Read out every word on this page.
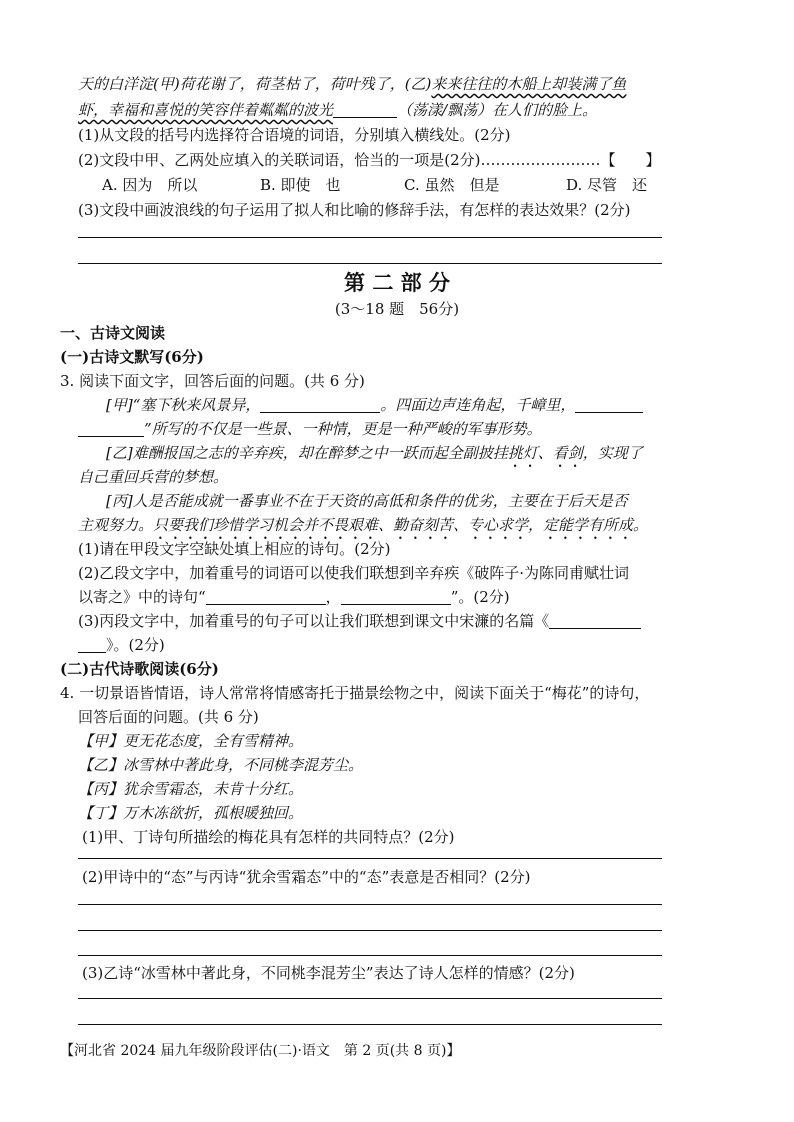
天的白洋淀(甲)荷花谢了，荷茎枯了，荷叶残了，(乙)来来往往的木船上却装满了鱼
虾，幸福和喜悦的笑容伴着粼粼的波光	（荡漾/飘荡）在人们的脸上。
(1)从文段的括号内选择符合语境的词语，分别填入横线处。(2分)
(2)文段中甲、乙两处应填入的关联词语，恰当的一项是(2分)……………………【　　】
A. 因为　所以	B. 即使　也	C. 虽然　但是	D. 尽管　还
(3)文段中画波浪线的句子运用了拟人和比喻的修辞手法，有怎样的表达效果？(2分)
第 二 部 分
(3～18 题　56分)
一、古诗文阅读
(一)古诗文默写(6分)
3. 阅读下面文字，回答后面的问题。(共 6 分)
[甲]“塞下秋来风景异，	。四面边声连角起，千嶂里，
”所写的不仅是一些景、一种情，更是一种严峻的军事形势。
[乙]难酬报国之志的辛弃疾，却在醉梦之中一跃而起全副披挂挑灯、看剑，实现了
自己重回兵营的梦想。
[丙]人是否能成就一番事业不在于天资的高低和条件的优劣，主要在于后天是否
主观努力。只要我们珍惜学习机会并不畏艰难、勤奋刻苦、专心求学，定能学有所成。
(1)请在甲段文字空缺处填上相应的诗句。(2分)
(2)乙段文字中，加着重号的词语可以使我们联想到辛弃疾《破阵子·为陈同甫赋壮词
以寄之》中的诗句“	，	”。(2分)
(3)丙段文字中，加着重号的句子可以让我们联想到课文中宋濂的名篇《
》。(2分)
(二)古代诗歌阅读(6分)
4. 一切景语皆情语，诗人常常将情感寄托于描景绘物之中，阅读下面关于“梅花”的诗句，
回答后面的问题。(共 6 分)
【甲】更无花态度，全有雪精神。
【乙】冰雪林中著此身，不同桃李混芳尘。
【丙】犹余雪霜态，未肯十分红。
【丁】万木冻欲折，孤根暖独回。
(1)甲、丁诗句所描绘的梅花具有怎样的共同特点？(2分)
(2)甲诗中的“态”与丙诗“犹余雪霜态”中的“态”表意是否相同？(2分)
(3)乙诗“冰雪林中著此身，不同桃李混芳尘”表达了诗人怎样的情感？(2分)
【河北省 2024 届九年级阶段评估(二)·语文　第 2 页(共 8 页)】
